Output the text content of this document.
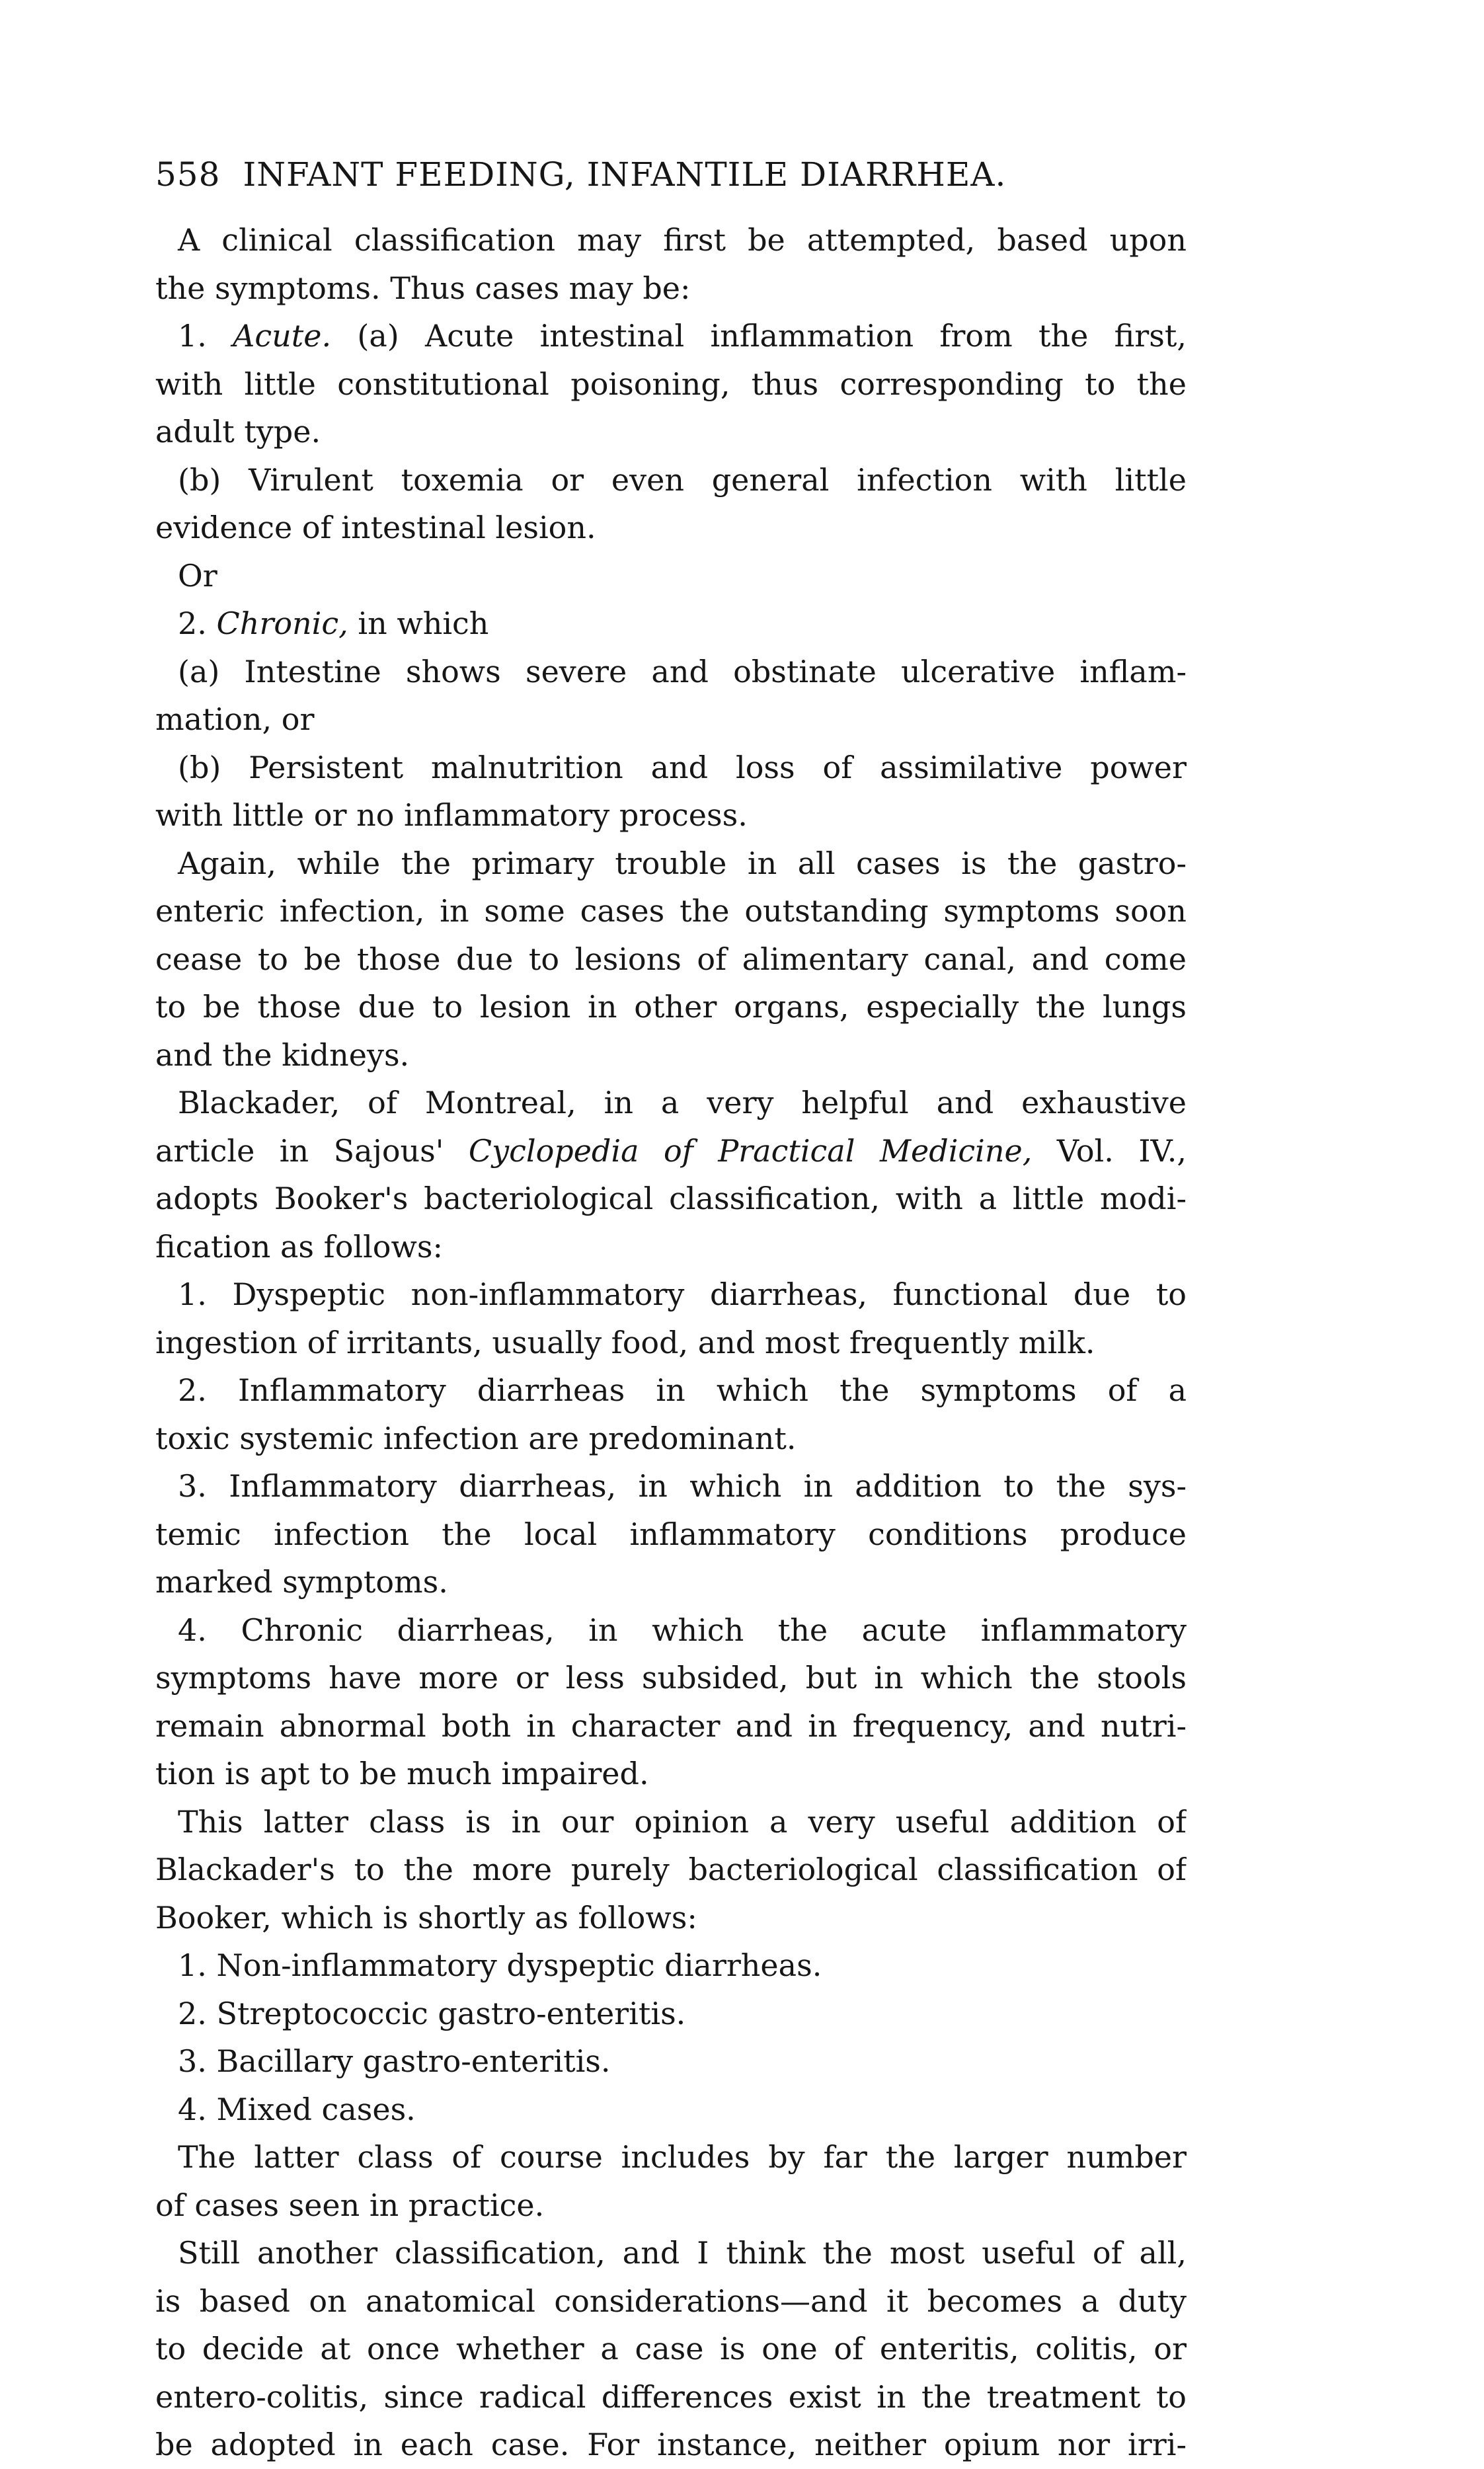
558 INFANT FEEDING, INFANTILE DIARRHEA.
A clinical classification may first be attempted, based upon
the symptoms. Thus cases may be:
1. Acute. (a) Acute intestinal inflammation from the first,
with little constitutional poisoning, thus corresponding to the
adult type.
(b) Virulent toxemia or even general infection with little
evidence of intestinal lesion.
Or
2. Chronic, in which
(a) Intestine shows severe and obstinate ulcerative inflam-
mation, or
(b) Persistent malnutrition and loss of assimilative power
with little or no inflammatory process.
Again, while the primary trouble in all cases is the gastro-
enteric infection, in some cases the outstanding symptoms soon
cease to be those due to lesions of alimentary canal, and come
to be those due to lesion in other organs, especially the lungs
and the kidneys.
Blackader, of Montreal, in a very helpful and exhaustive
article in Sajous' Cyclopedia of Practical Medicine, Vol. IV.,
adopts Booker's bacteriological classification, with a little modi-
fication as follows:
1. Dyspeptic non-inflammatory diarrheas, functional due to
ingestion of irritants, usually food, and most frequently milk.
2. Inflammatory diarrheas in which the symptoms of a
toxic systemic infection are predominant.
3. Inflammatory diarrheas, in which in addition to the sys-
temic infection the local inflammatory conditions produce
marked symptoms.
4. Chronic diarrheas, in which the acute inflammatory
symptoms have more or less subsided, but in which the stools
remain abnormal both in character and in frequency, and nutri-
tion is apt to be much impaired.
This latter class is in our opinion a very useful addition of
Blackader's to the more purely bacteriological classification of
Booker, which is shortly as follows:
1. Non-inflammatory dyspeptic diarrheas.
2. Streptococcic gastro-enteritis.
3. Bacillary gastro-enteritis.
4. Mixed cases.
The latter class of course includes by far the larger number
of cases seen in practice.
Still another classification, and I think the most useful of all,
is based on anatomical considerations—and it becomes a duty
to decide at once whether a case is one of enteritis, colitis, or
entero-colitis, since radical differences exist in the treatment to
be adopted in each case. For instance, neither opium nor irri-
